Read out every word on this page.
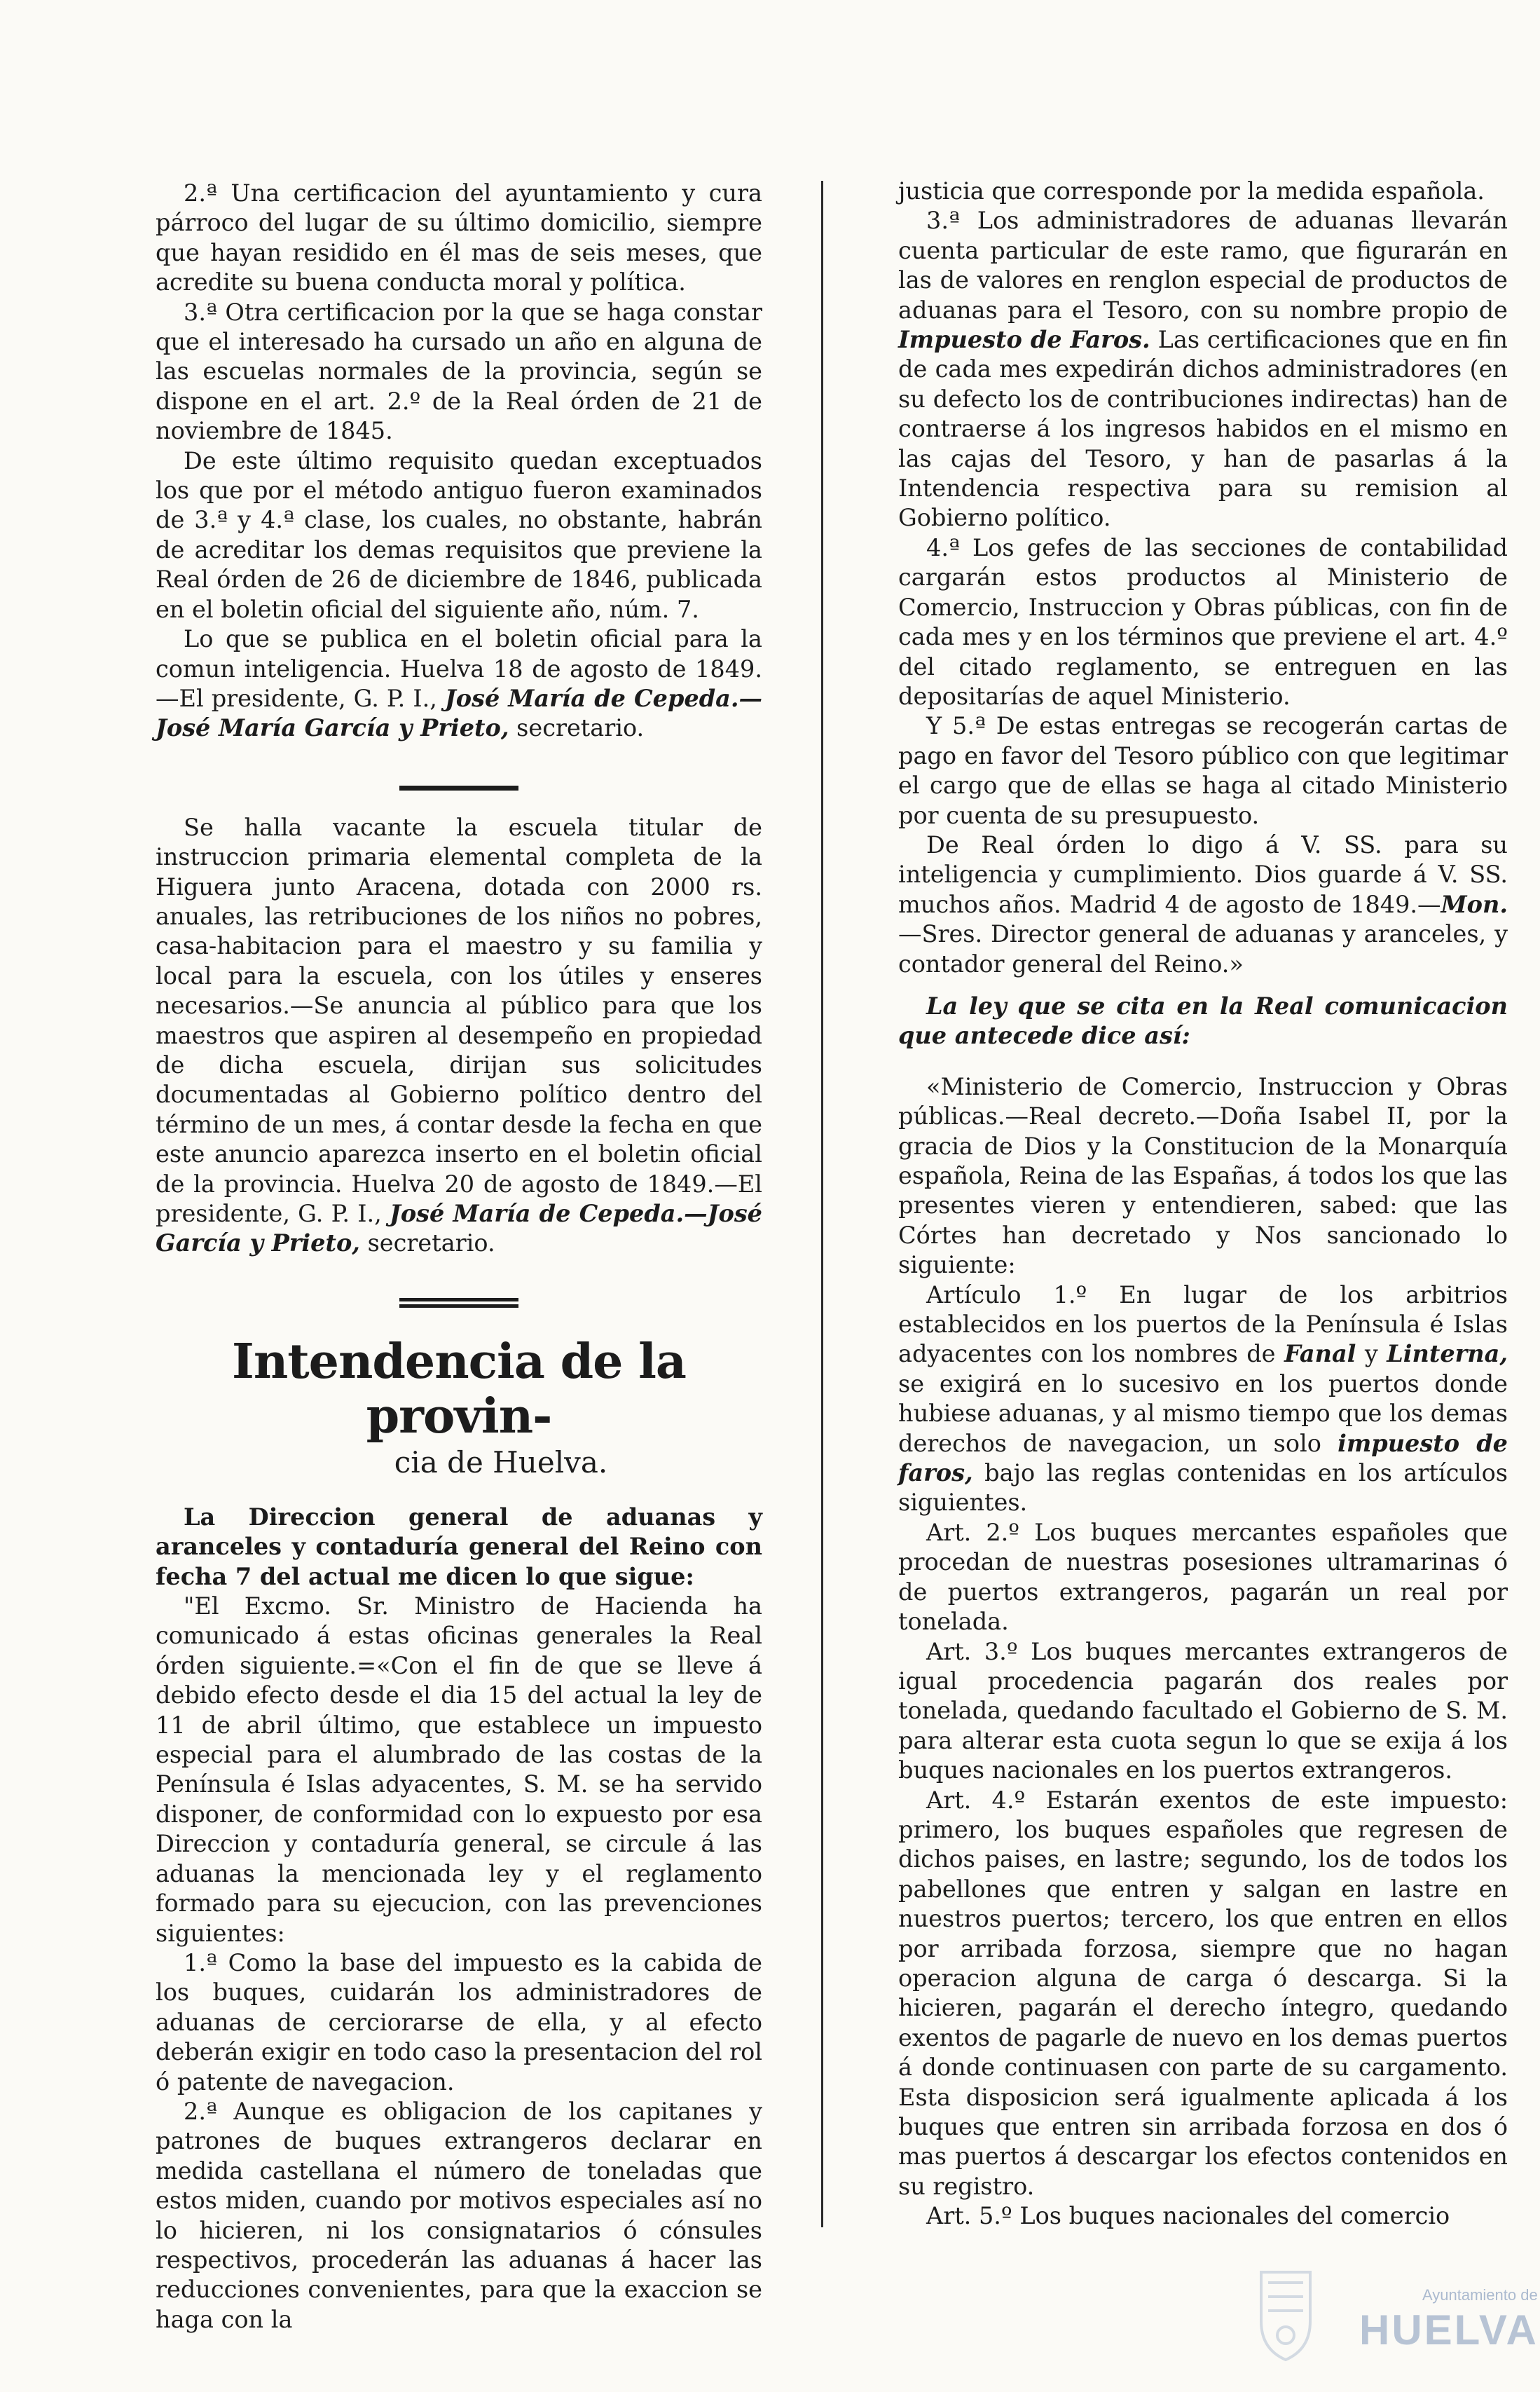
2.ª Una certificacion del ayuntamiento y cura párroco del lugar de su último domicilio, siempre que hayan residido en él mas de seis meses, que acredite su buena conducta moral y política.

3.ª Otra certificacion por la que se haga constar que el interesado ha cursado un año en alguna de las escuelas normales de la provincia, según se dispone en el art. 2.º de la Real órden de 21 de noviembre de 1845.

De este último requisito quedan exceptuados los que por el método antiguo fueron examinados de 3.ª y 4.ª clase, los cuales, no obstante, habrán de acreditar los demas requisitos que previene la Real órden de 26 de diciembre de 1846, publicada en el boletin oficial del siguiente año, núm. 7.

Lo que se publica en el boletin oficial para la comun inteligencia. Huelva 18 de agosto de 1849.—El presidente, G. P. I., José María de Cepeda.—José María García y Prieto, secretario.

Se halla vacante la escuela titular de instruccion primaria elemental completa de la Higuera junto Aracena, dotada con 2000 rs. anuales, las retribuciones de los niños no pobres, casa-habitacion para el maestro y su familia y local para la escuela, con los útiles y enseres necesarios.—Se anuncia al público para que los maestros que aspiren al desempeño en propiedad de dicha escuela, dirijan sus solicitudes documentadas al Gobierno político dentro del término de un mes, á contar desde la fecha en que este anuncio aparezca inserto en el boletin oficial de la provincia. Huelva 20 de agosto de 1849.—El presidente, G. P. I., José María de Cepeda.—José García y Prieto, secretario.

Intendencia de la provin-
cia de Huelva.

La Direccion general de aduanas y aranceles y contaduría general del Reino con fecha 7 del actual me dicen lo que sigue:

"El Excmo. Sr. Ministro de Hacienda ha comunicado á estas oficinas generales la Real órden siguiente.=«Con el fin de que se lleve á debido efecto desde el dia 15 del actual la ley de 11 de abril último, que establece un impuesto especial para el alumbrado de las costas de la Península é Islas adyacentes, S. M. se ha servido disponer, de conformidad con lo expuesto por esa Direccion y contaduría general, se circule á las aduanas la mencionada ley y el reglamento formado para su ejecucion, con las prevenciones siguientes:

1.ª Como la base del impuesto es la cabida de los buques, cuidarán los administradores de aduanas de cerciorarse de ella, y al efecto deberán exigir en todo caso la presentacion del rol ó patente de navegacion.

2.ª Aunque es obligacion de los capitanes y patrones de buques extrangeros declarar en medida castellana el número de toneladas que estos miden, cuando por motivos especiales así no lo hicieren, ni los consignatarios ó cónsules respectivos, procederán las aduanas á hacer las reducciones convenientes, para que la exaccion se haga con la

justicia que corresponde por la medida española.

3.ª Los administradores de aduanas llevarán cuenta particular de este ramo, que figurarán en las de valores en renglon especial de productos de aduanas para el Tesoro, con su nombre propio de Impuesto de Faros. Las certificaciones que en fin de cada mes expedirán dichos administradores (en su defecto los de contribuciones indirectas) han de contraerse á los ingresos habidos en el mismo en las cajas del Tesoro, y han de pasarlas á la Intendencia respectiva para su remision al Gobierno político.

4.ª Los gefes de las secciones de contabilidad cargarán estos productos al Ministerio de Comercio, Instruccion y Obras públicas, con fin de cada mes y en los términos que previene el art. 4.º del citado reglamento, se entreguen en las depositarías de aquel Ministerio.

Y 5.ª De estas entregas se recogerán cartas de pago en favor del Tesoro público con que legitimar el cargo que de ellas se haga al citado Ministerio por cuenta de su presupuesto.

De Real órden lo digo á V. SS. para su inteligencia y cumplimiento. Dios guarde á V. SS. muchos años. Madrid 4 de agosto de 1849.—Mon.—Sres. Director general de aduanas y aranceles, y contador general del Reino.»

La ley que se cita en la Real comunicacion que antecede dice así:

«Ministerio de Comercio, Instruccion y Obras públicas.—Real decreto.—Doña Isabel II, por la gracia de Dios y la Constitucion de la Monarquía española, Reina de las Españas, á todos los que las presentes vieren y entendieren, sabed: que las Córtes han decretado y Nos sancionado lo siguiente:

Artículo 1.º En lugar de los arbitrios establecidos en los puertos de la Península é Islas adyacentes con los nombres de Fanal y Linterna, se exigirá en lo sucesivo en los puertos donde hubiese aduanas, y al mismo tiempo que los demas derechos de navegacion, un solo impuesto de faros, bajo las reglas contenidas en los artículos siguientes.

Art. 2.º Los buques mercantes españoles que procedan de nuestras posesiones ultramarinas ó de puertos extrangeros, pagarán un real por tonelada.

Art. 3.º Los buques mercantes extrangeros de igual procedencia pagarán dos reales por tonelada, quedando facultado el Gobierno de S. M. para alterar esta cuota segun lo que se exija á los buques nacionales en los puertos extrangeros.

Art. 4.º Estarán exentos de este impuesto: primero, los buques españoles que regresen de dichos paises, en lastre; segundo, los de todos los pabellones que entren y salgan en lastre en nuestros puertos; tercero, los que entren en ellos por arribada forzosa, siempre que no hagan operacion alguna de carga ó descarga. Si la hicieren, pagarán el derecho íntegro, quedando exentos de pagarle de nuevo en los demas puertos á donde continuasen con parte de su cargamento. Esta disposicion será igualmente aplicada á los buques que entren sin arribada forzosa en dos ó mas puertos á descargar los efectos contenidos en su registro.

Art. 5.º Los buques nacionales del comercio

Ayuntamiento de
HUELVA
